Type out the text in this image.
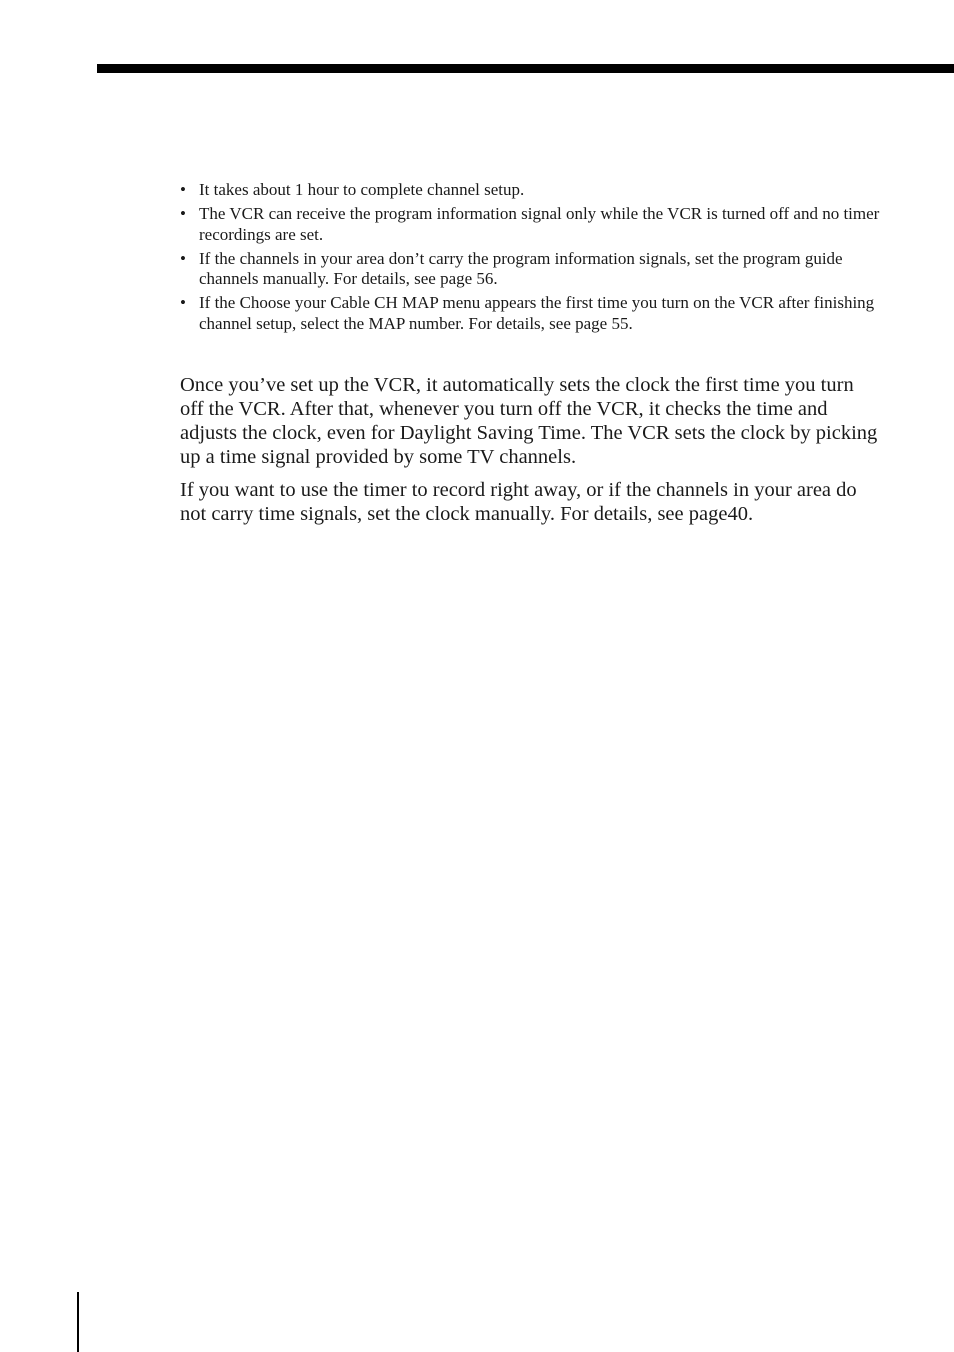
• It takes about 1 hour to complete channel setup.
• The VCR can receive the program information signal only while the VCR is turned off and no timer recordings are set.
• If the channels in your area don’t carry the program information signals, set the program guide channels manually. For details, see page 56.
• If the Choose your Cable CH MAP menu appears the first time you turn on the VCR after finishing channel setup, select the MAP number. For details, see page 55.

Once you’ve set up the VCR, it automatically sets the clock the first time you turn off the VCR. After that, whenever you turn off the VCR, it checks the time and adjusts the clock, even for Daylight Saving Time. The VCR sets the clock by picking up a time signal provided by some TV channels.

If you want to use the timer to record right away, or if the channels in your area do not carry time signals, set the clock manually. For details, see page40.
